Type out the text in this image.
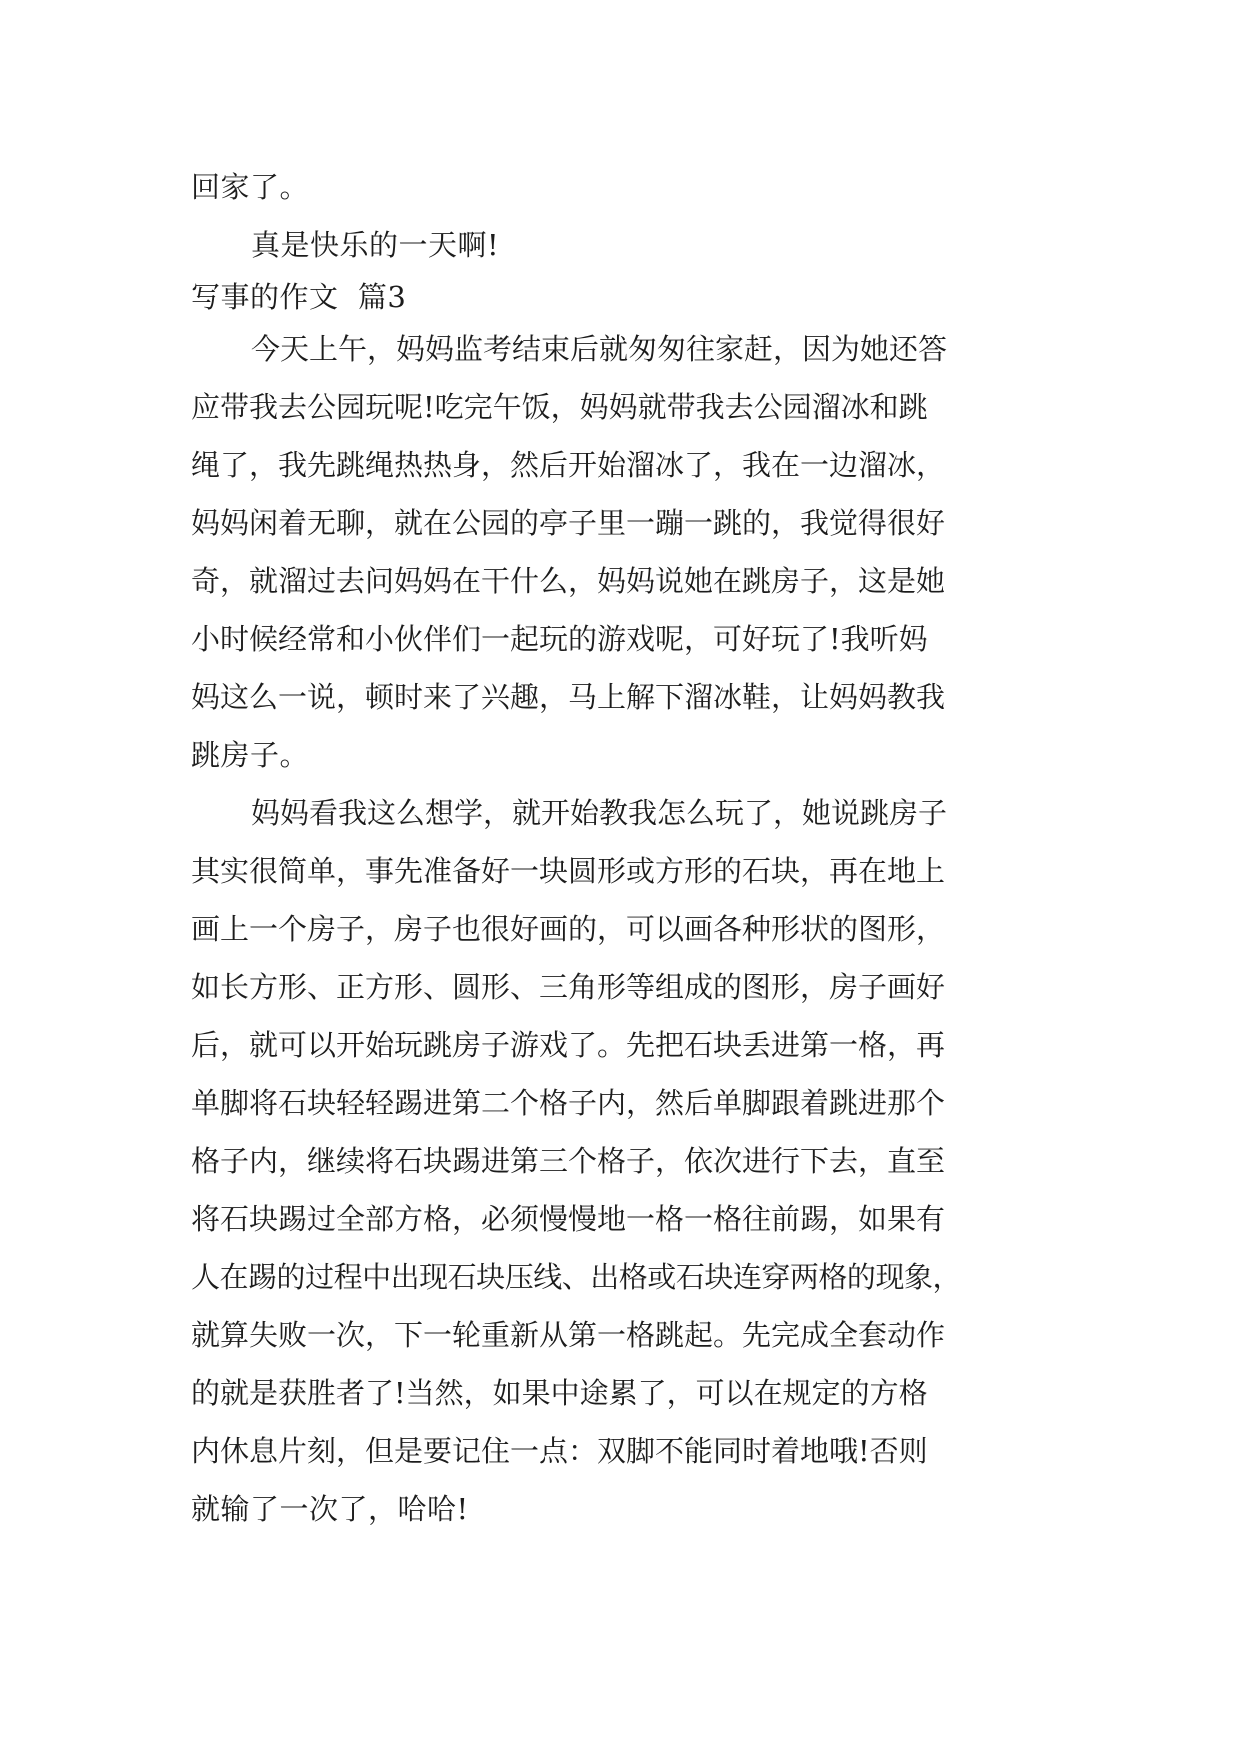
回家了。
真是快乐的一天啊!
写事的作文  篇3
今天上午，妈妈监考结束后就匆匆往家赶，因为她还答
应带我去公园玩呢!吃完午饭，妈妈就带我去公园溜冰和跳
绳了，我先跳绳热热身，然后开始溜冰了，我在一边溜冰，
妈妈闲着无聊，就在公园的亭子里一蹦一跳的，我觉得很好
奇，就溜过去问妈妈在干什么，妈妈说她在跳房子，这是她
小时候经常和小伙伴们一起玩的游戏呢，可好玩了!我听妈
妈这么一说，顿时来了兴趣，马上解下溜冰鞋，让妈妈教我
跳房子。
妈妈看我这么想学，就开始教我怎么玩了，她说跳房子
其实很简单，事先准备好一块圆形或方形的石块，再在地上
画上一个房子，房子也很好画的，可以画各种形状的图形，
如长方形、正方形、圆形、三角形等组成的图形，房子画好
后，就可以开始玩跳房子游戏了。先把石块丢进第一格，再
单脚将石块轻轻踢进第二个格子内，然后单脚跟着跳进那个
格子内，继续将石块踢进第三个格子，依次进行下去，直至
将石块踢过全部方格，必须慢慢地一格一格往前踢，如果有
人在踢的过程中出现石块压线、出格或石块连穿两格的现象，
就算失败一次，下一轮重新从第一格跳起。先完成全套动作
的就是获胜者了!当然，如果中途累了，可以在规定的方格
内休息片刻，但是要记住一点：双脚不能同时着地哦!否则
就输了一次了，哈哈!
